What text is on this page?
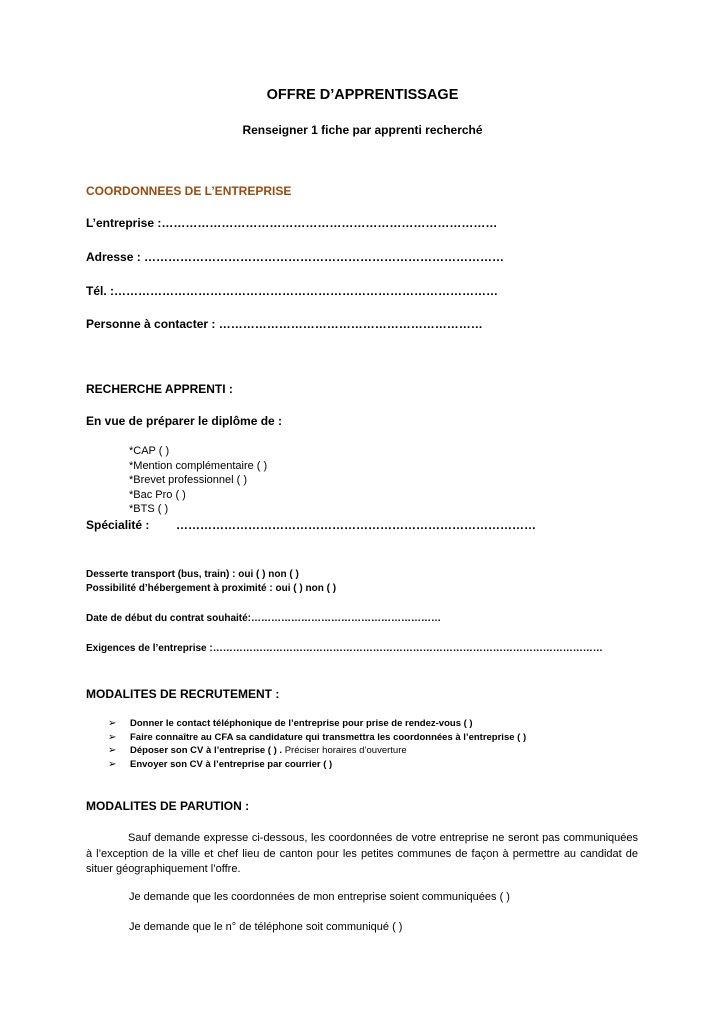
OFFRE D’APPRENTISSAGE
Renseigner 1 fiche par apprenti recherché
COORDONNEES DE L’ENTREPRISE
L’entreprise :…………………………………………………………………………
Adresse : ………………………………………………………………………………
Tél. :……………………………………………………………………………………
Personne à contacter : …………………………………………………………
RECHERCHE APPRENTI :
En vue de préparer le diplôme de :
*CAP ( )
*Mention complémentaire ( )
*Brevet professionnel ( )
*Bac Pro ( )
*BTS ( )
Spécialité : ………………………………………………………………………………
Desserte transport (bus, train) : oui ( ) non ( )
Possibilité d’hébergement à proximité : oui ( ) non ( )
Date de début du contrat souhaité:…………………………………………………
Exigences de l’entreprise :………………………………………………………………………………………………………
MODALITES DE RECRUTEMENT :
➢ Donner le contact téléphonique de l’entreprise pour prise de rendez-vous ( )
➢ Faire connaître au CFA sa candidature qui transmettra les coordonnées à l’entreprise ( )
➢ Déposer son CV à l’entreprise ( ) . Préciser horaires d’ouverture
➢ Envoyer son CV à l’entreprise par courrier ( )
MODALITES DE PARUTION :
Sauf demande expresse ci-dessous, les coordonnées de votre entreprise ne seront pas communiquées à l’exception de la ville et chef lieu de canton pour les petites communes de façon à permettre au candidat de situer géographiquement l’offre.
Je demande que les coordonnées de mon entreprise soient communiquées ( )
Je demande que le n° de téléphone soit communiqué ( )
